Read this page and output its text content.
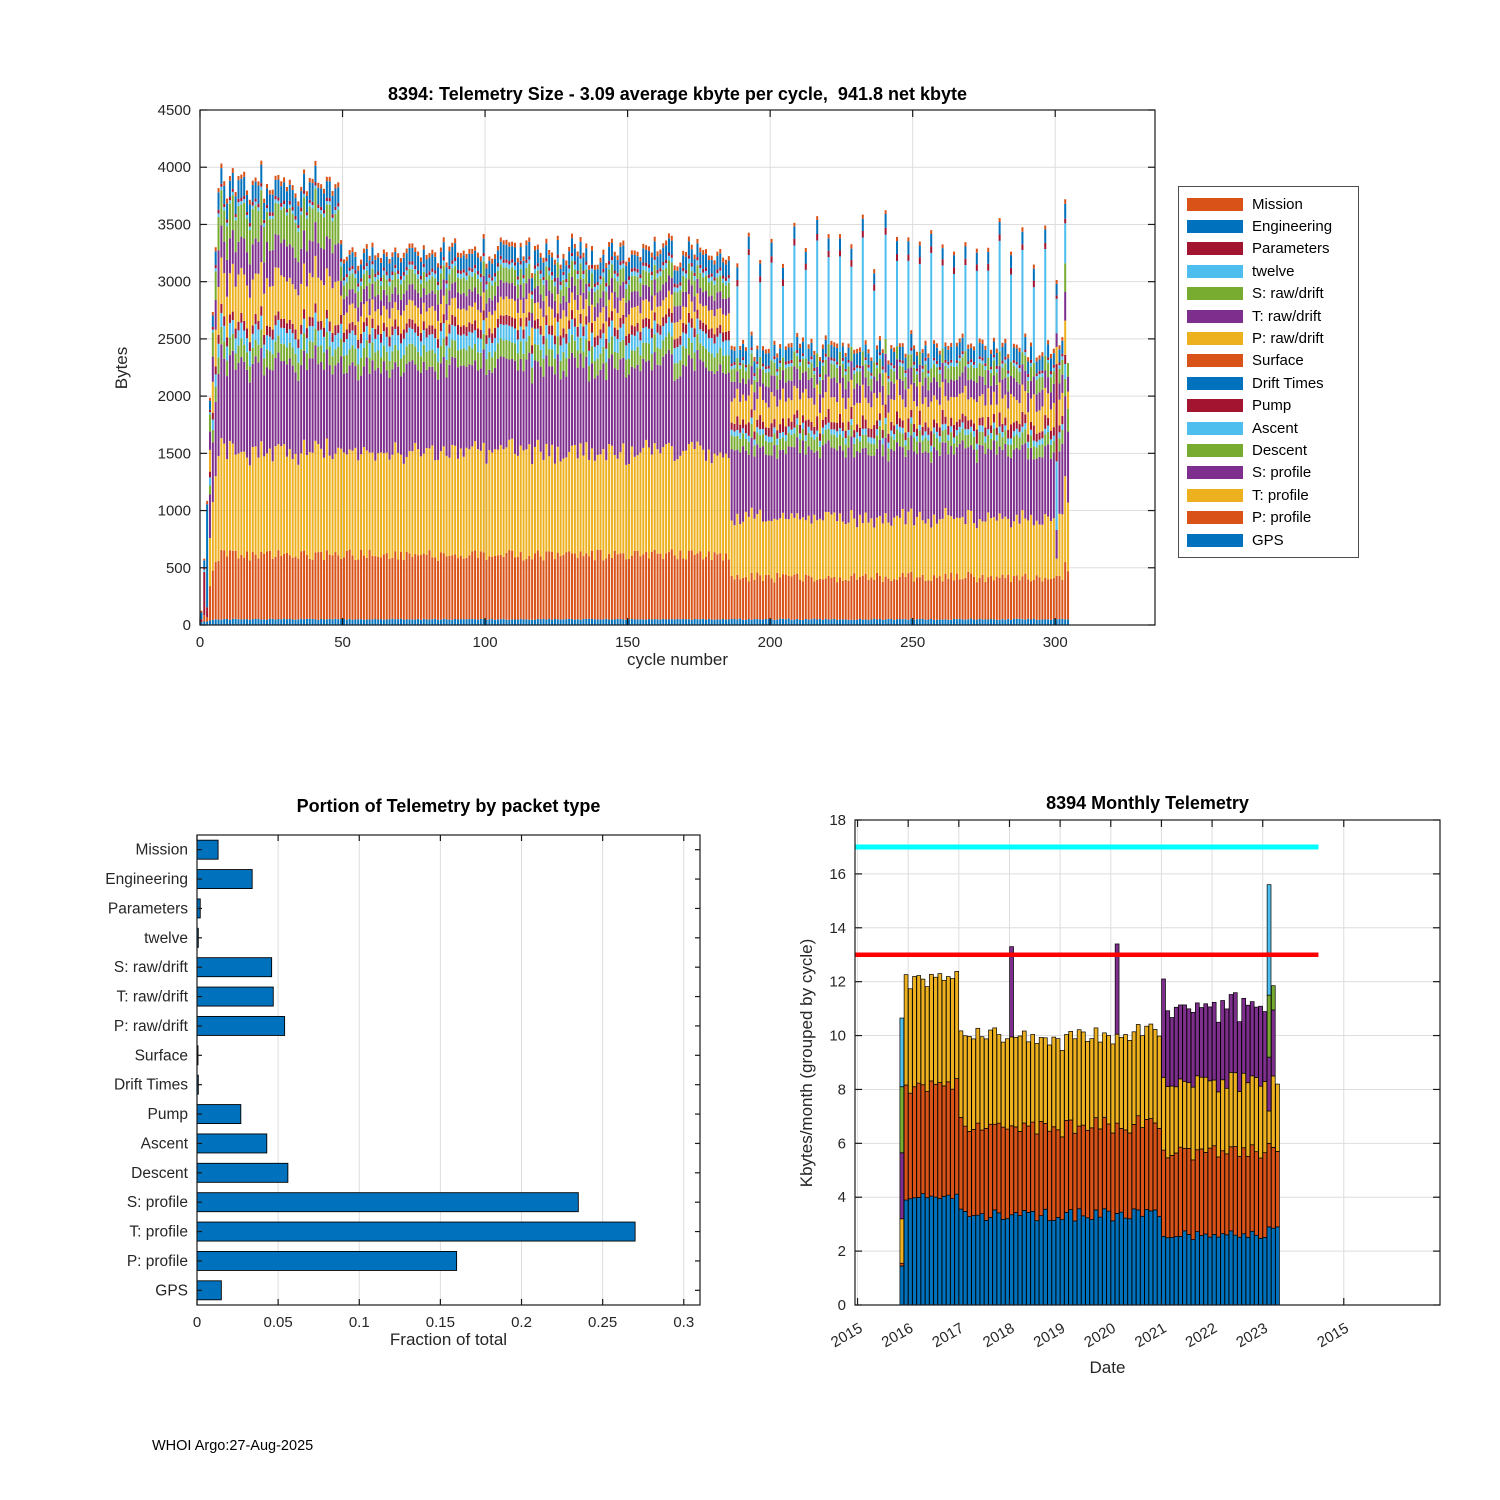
0	50	100	150	200	250	300
0
500
1000
1500
2000
2500
3000
3500
4000
4500
Mission
Engineering
Parameters
twelve
S: raw/drift
T: raw/drift
P: raw/drift
Surface
Drift Times
Pump
Ascent
Descent
S: profile
T: profile
P: profile
GPS
0	0.05	0.1	0.15	0.2	0.25	0.3	2015 2016 2017 2018 2019 2020 2021 2022 2023	2015
0
2
4
6
8
10
12
14
16
18
8394: Telemetry Size - 3.09 average kbyte per cycle,  941.8 net kbyte
Bytes
cycle number
Portion of Telemetry by packet type
Fraction of total
8394 Monthly Telemetry
Kbytes/month (grouped by cycle)
Date
Mission
Engineering
Parameters
twelve
S: raw/drift
T: raw/drift
P: raw/drift
Surface
Drift Times
Pump
Ascent
Descent
S: profile
T: profile
P: profile
GPS
WHOI Argo:27-Aug-2025
